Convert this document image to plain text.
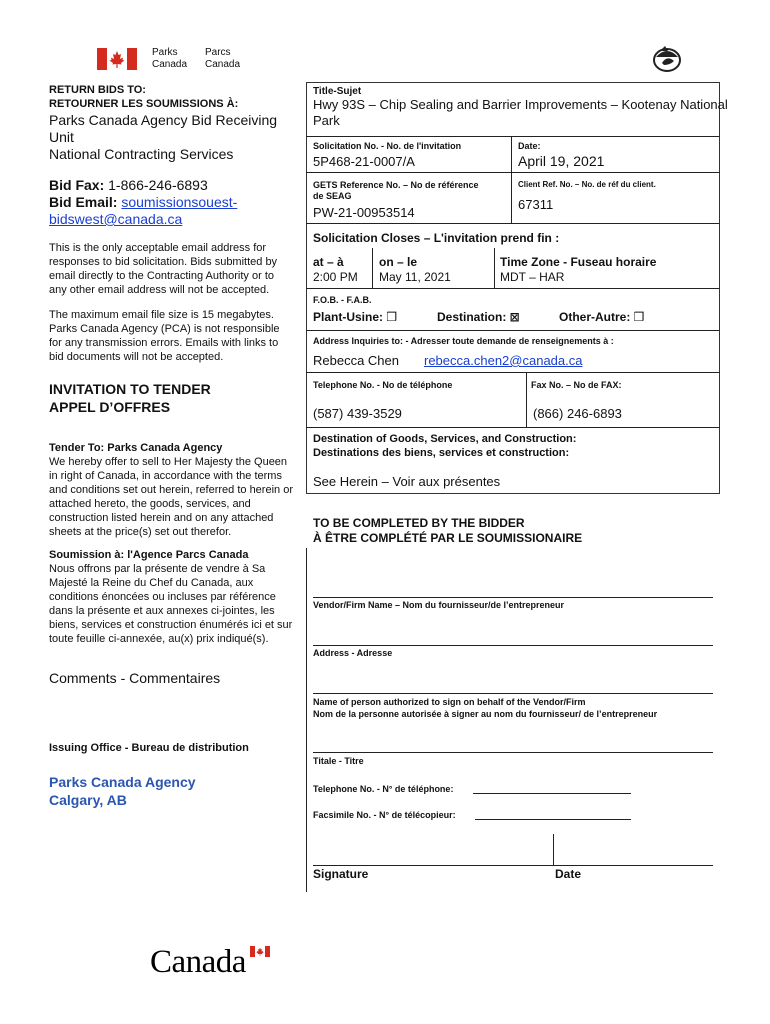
Parks
Canada
Parcs
Canada
RETURN BIDS TO:
RETOURNER LES SOUMISSIONS À:
Parks Canada Agency Bid Receiving
Unit
National Contracting Services
Bid Fax: 1-866-246-6893
Bid Email: soumissionsouest-
bidswest@canada.ca
This is the only acceptable email address for
responses to bid solicitation. Bids submitted by
email directly to the Contracting Authority or to
any other email address will not be accepted.
The maximum email file size is 15 megabytes.
Parks Canada Agency (PCA) is not responsible
for any transmission errors. Emails with links to
bid documents will not be accepted.
INVITATION TO TENDER
APPEL D’OFFRES
Tender To: Parks Canada Agency
We hereby offer to sell to Her Majesty the Queen
in right of Canada, in accordance with the terms
and conditions set out herein, referred to herein or
attached hereto, the goods, services, and
construction listed herein and on any attached
sheets at the price(s) set out therefor.
Soumission à: l'Agence Parcs Canada
Nous offrons par la présente de vendre à Sa
Majesté la Reine du Chef du Canada, aux
conditions énoncées ou incluses par référence
dans la présente et aux annexes ci-jointes, les
biens, services et construction énumérés ici et sur
toute feuille ci-annexée, au(x) prix indiqué(s).
Comments - Commentaires
Issuing Office - Bureau de distribution
Parks Canada Agency
Calgary, AB
Title-Sujet
Hwy 93S – Chip Sealing and Barrier Improvements – Kootenay National
Park
Solicitation No. - No. de l'invitation
5P468-21-0007/A
Date:
April 19, 2021
GETS Reference No. – No de référence
de SEAG
PW-21-00953514
Client Ref. No. – No. de réf du client.
67311
Solicitation Closes – L'invitation prend fin :
at – à
2:00 PM
on – le
May 11, 2021
Time Zone - Fuseau horaire
MDT – HAR
F.O.B. - F.A.B.
Plant-Usine: ❒	Destination: ⊠	Other-Autre: ❒
Address Inquiries to: - Adresser toute demande de renseignements à :
Rebecca Chen rebecca.chen2@canada.ca
Telephone No. - No de téléphone	Fax No. – No de FAX:
(587) 439-3529	(866) 246-6893
Destination of Goods, Services, and Construction:
Destinations des biens, services et construction:
See Herein – Voir aux présentes
TO BE COMPLETED BY THE BIDDER
À ÊTRE COMPLÉTÉ PAR LE SOUMISSIONAIRE
Vendor/Firm Name – Nom du fournisseur/de l’entrepreneur
Address - Adresse
Name of person authorized to sign on behalf of the Vendor/Firm
Nom de la personne autorisée à signer au nom du fournisseur/ de l’entrepreneur
Titale - Titre
Telephone No. - N° de téléphone:
Facsimile No. - N° de télécopieur:
Signature	Date
Canada
